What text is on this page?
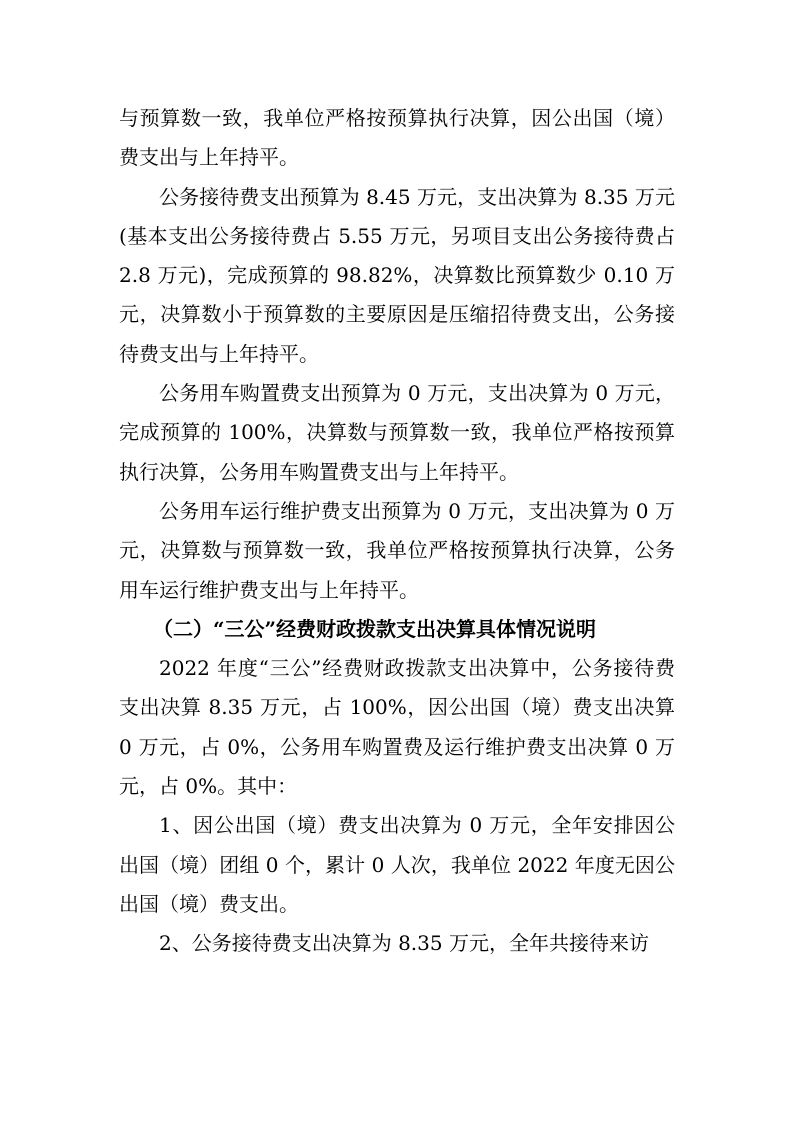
与预算数一致，我单位严格按预算执行决算，因公出国（境）费支出与上年持平。

公务接待费支出预算为 8.45 万元，支出决算为 8.35 万元(基本支出公务接待费占 5.55 万元，另项目支出公务接待费占 2.8 万元)，完成预算的 98.82%，决算数比预算数少 0.10 万元，决算数小于预算数的主要原因是压缩招待费支出，公务接待费支出与上年持平。

公务用车购置费支出预算为 0 万元，支出决算为 0 万元，完成预算的 100%，决算数与预算数一致，我单位严格按预算执行决算，公务用车购置费支出与上年持平。

公务用车运行维护费支出预算为 0 万元，支出决算为 0 万元，决算数与预算数一致，我单位严格按预算执行决算，公务用车运行维护费支出与上年持平。

（二）“三公”经费财政拨款支出决算具体情况说明

2022 年度“三公”经费财政拨款支出决算中，公务接待费支出决算 8.35 万元，占 100%，因公出国（境）费支出决算 0 万元，占 0%，公务用车购置费及运行维护费支出决算 0 万元，占 0%。其中：

1、因公出国（境）费支出决算为 0 万元，全年安排因公出国（境）团组 0 个，累计 0 人次，我单位 2022 年度无因公出国（境）费支出。

2、公务接待费支出决算为 8.35 万元，全年共接待来访
